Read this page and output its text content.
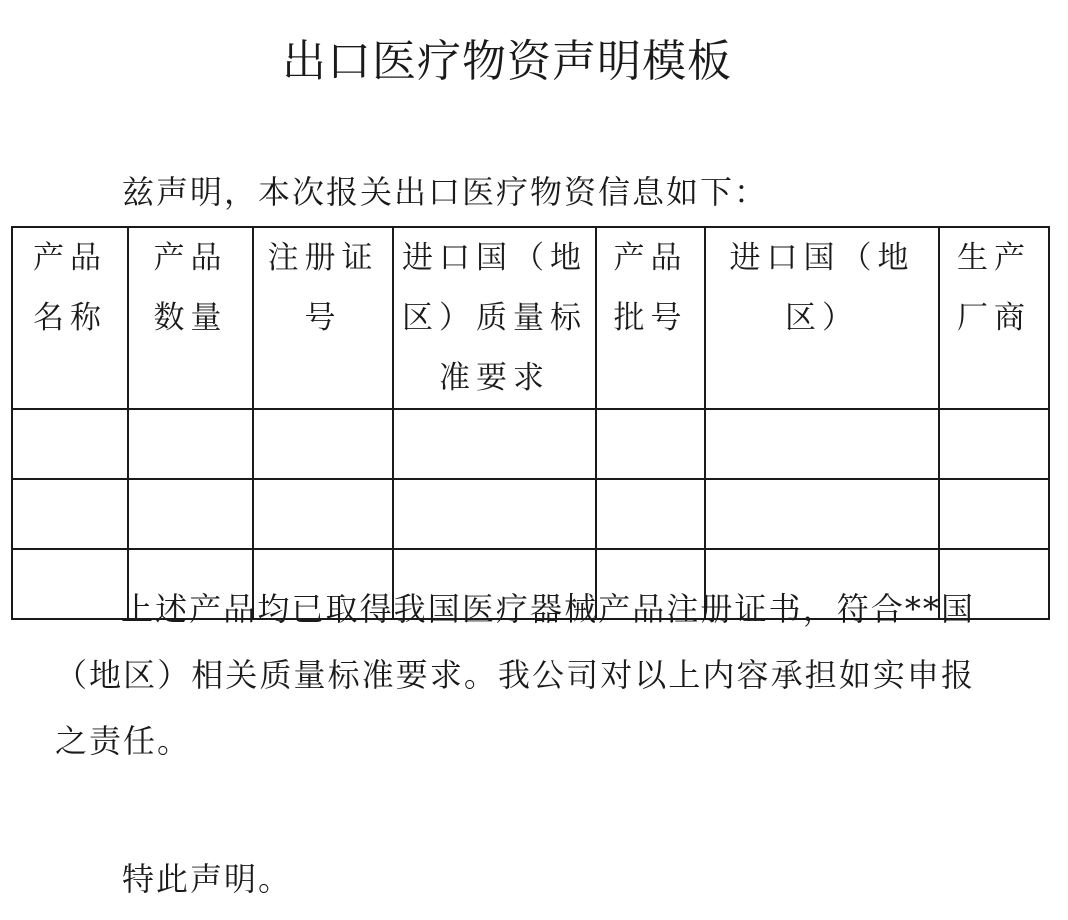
出口医疗物资声明模板

兹声明，本次报关出口医疗物资信息如下：

产品名称	产品数量	注册证号	进口国（地区）质量标准要求	产品批号	进口国（地区）	生产厂商

上述产品均已取得我国医疗器械产品注册证书，符合**国（地区）相关质量标准要求。我公司对以上内容承担如实申报之责任。

特此声明。
